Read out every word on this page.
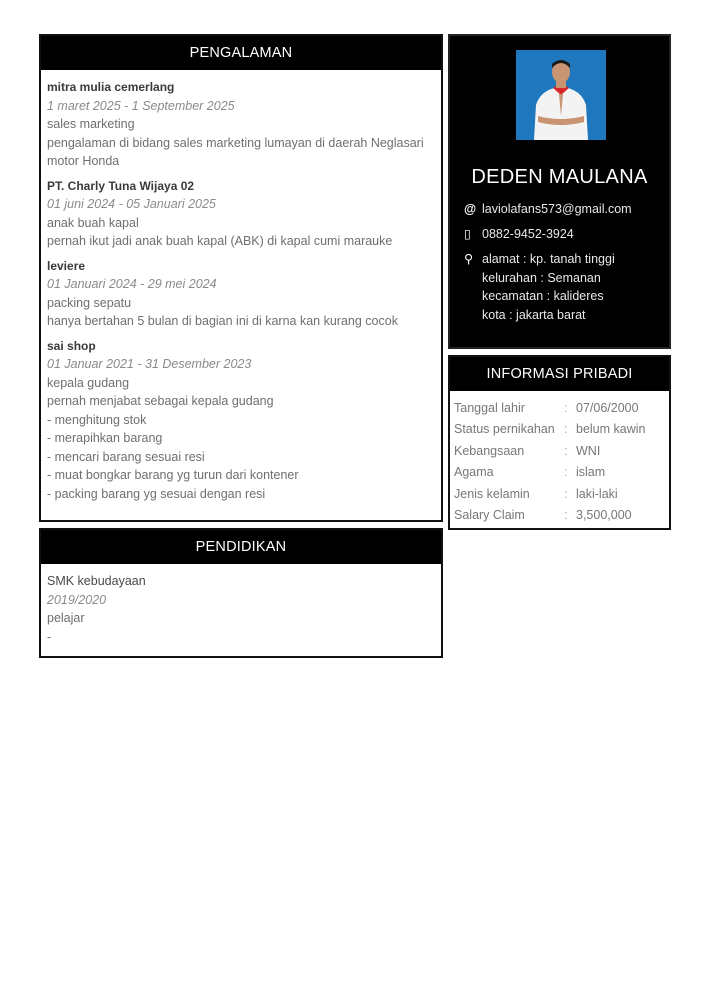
PENGALAMAN
mitra mulia cemerlang
1 maret 2025 - 1 September 2025
sales marketing
pengalaman di bidang sales marketing lumayan di daerah Neglasari
motor Honda
PT. Charly Tuna Wijaya 02
01 juni 2024 - 05 Januari 2025
anak buah kapal
pernah ikut jadi anak buah kapal (ABK) di kapal cumi marauke
leviere
01 Januari 2024 - 29 mei 2024
packing sepatu
hanya bertahan 5 bulan di bagian ini di karna kan kurang cocok
sai shop
01 Januar 2021 - 31 Desember 2023
kepala gudang
pernah menjabat sebagai kepala gudang
- menghitung stok
- merapihkan barang
- mencari barang sesuai resi
- muat bongkar barang yg turun dari kontener
- packing barang yg sesuai dengan resi
PENDIDIKAN
SMK kebudayaan
2019/2020
pelajar
-
DEDEN MAULANA
@ laviolafans573@gmail.com
▯ 0882-9452-3924
⚲ alamat : kp. tanah tinggi
kelurahan : Semanan
kecamatan : kalideres
kota : jakarta barat
INFORMASI PRIBADI
Tanggal lahir	:	07/06/2000
Status pernikahan	:	belum kawin
Kebangsaan	:	WNI
Agama	:	islam
Jenis kelamin	:	laki-laki
Salary Claim	:	3,500,000
